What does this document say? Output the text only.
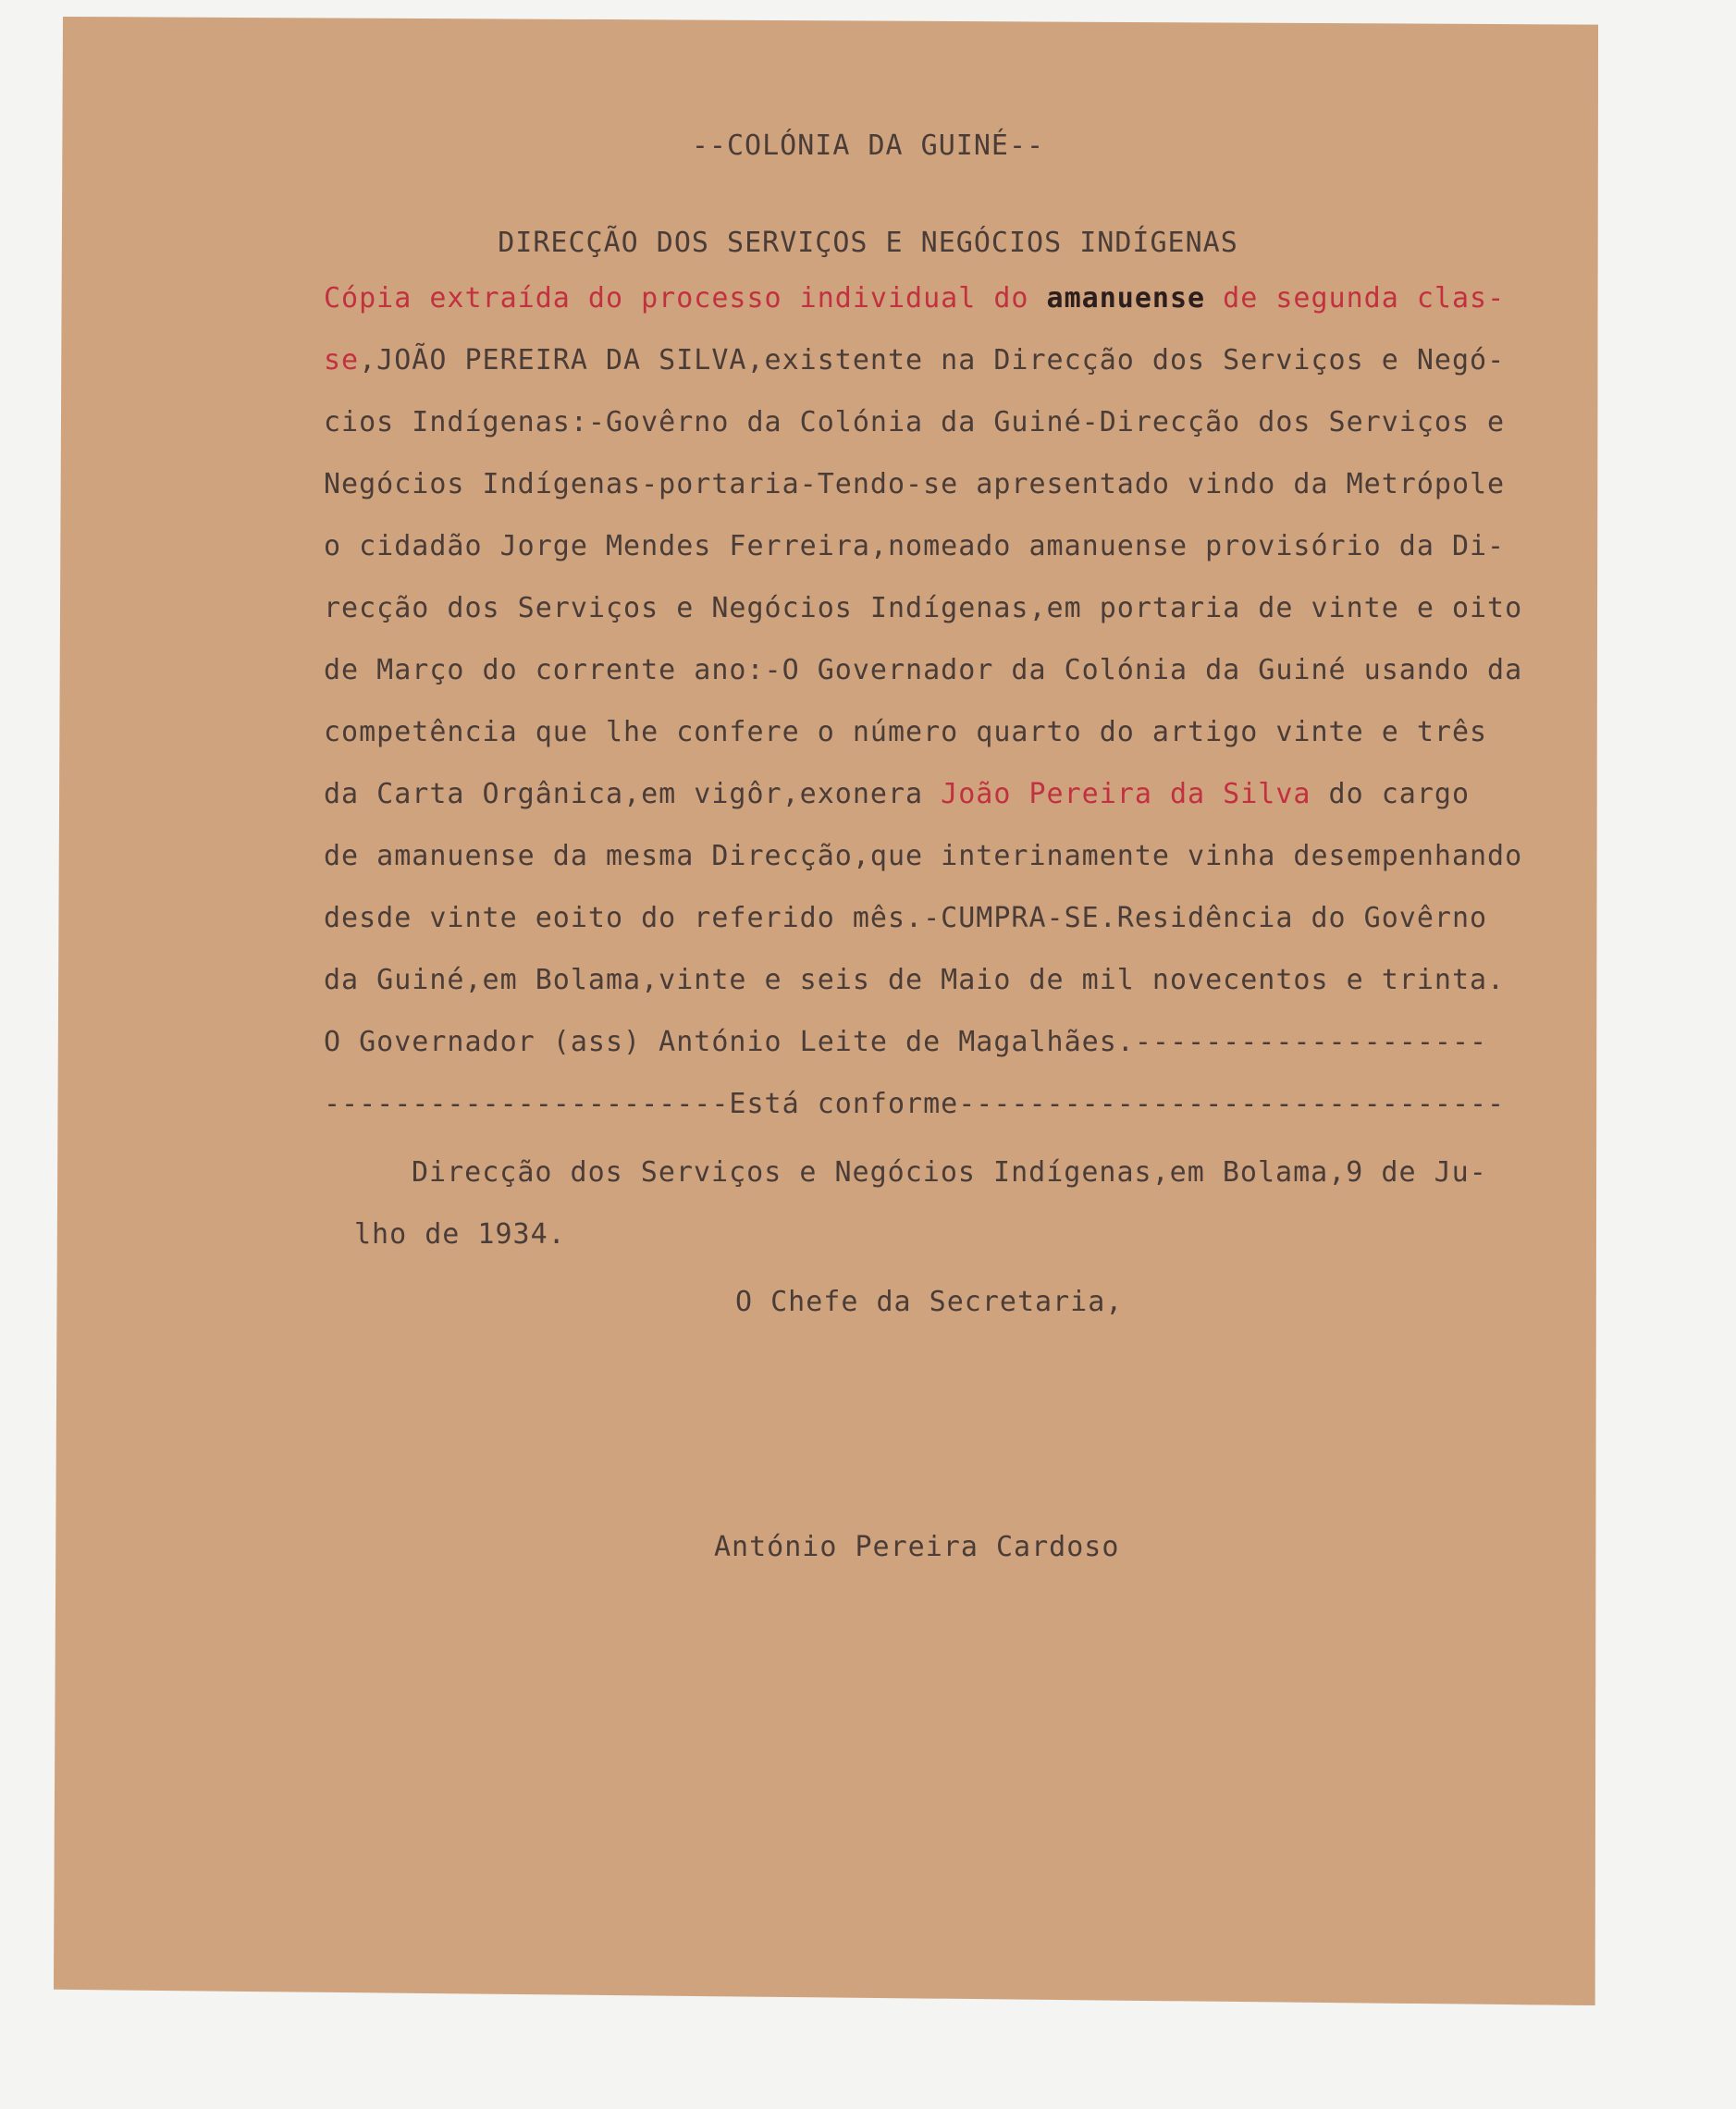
--COLÓNIA DA GUINÉ--
DIRECÇÃO DOS SERVIÇOS E NEGÓCIOS INDÍGENAS
Cópia extraída do processo individual do amanuense de segunda clas-
se,JOÃO PEREIRA DA SILVA,existente na Direcção dos Serviços e Negó-
cios Indígenas:-Govêrno da Colónia da Guiné-Direcção dos Serviços e
Negócios Indígenas-portaria-Tendo-se apresentado vindo da Metrópole
o cidadão Jorge Mendes Ferreira,nomeado amanuense provisório da Di-
recção dos Serviços e Negócios Indígenas,em portaria de vinte e oito
de Março do corrente ano:-O Governador da Colónia da Guiné usando da
competência que lhe confere o número quarto do artigo vinte e três
da Carta Orgânica,em vigôr,exonera João Pereira da Silva do cargo
de amanuense da mesma Direcção,que interinamente vinha desempenhando
desde vinte eoito do referido mês.-CUMPRA-SE.Residência do Govêrno
da Guiné,em Bolama,vinte e seis de Maio de mil novecentos e trinta.
O Governador (ass) António Leite de Magalhães.--------------------
-----------------------Está conforme-------------------------------
Direcção dos Serviços e Negócios Indígenas,em Bolama,9 de Ju-
lho de 1934.
O Chefe da Secretaria,
António Pereira Cardoso
